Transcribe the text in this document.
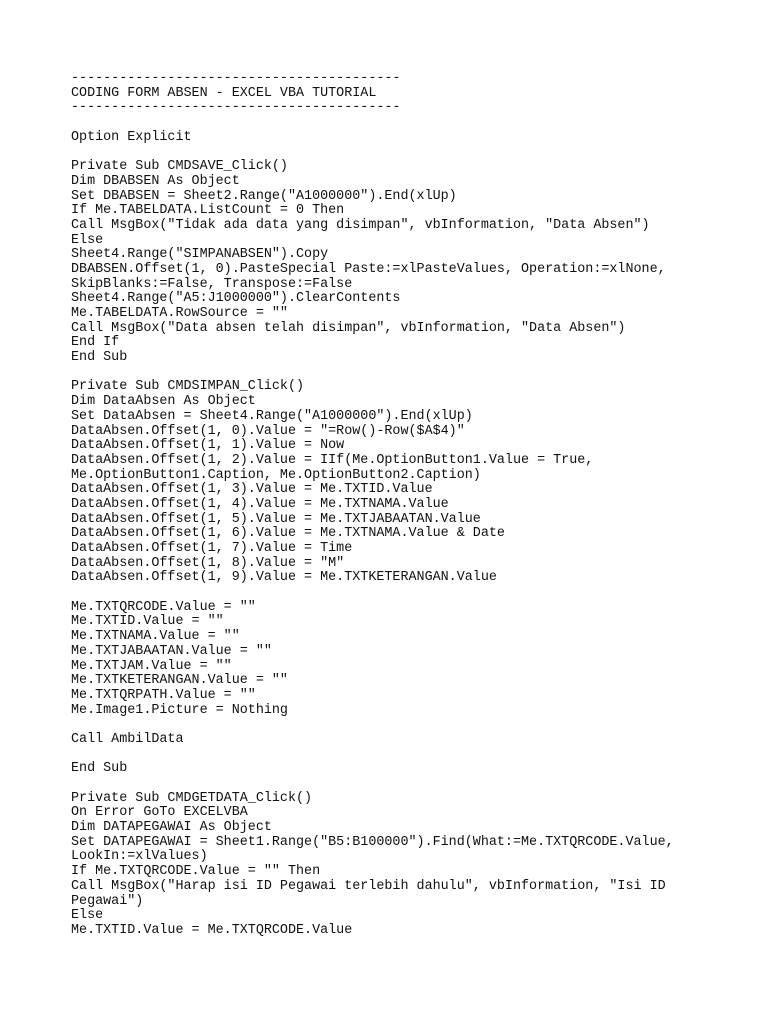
-----------------------------------------
CODING FORM ABSEN - EXCEL VBA TUTORIAL
-----------------------------------------
Option Explicit
Private Sub CMDSAVE_Click()
Dim DBABSEN As Object
Set DBABSEN = Sheet2.Range("A1000000").End(xlUp)
If Me.TABELDATA.ListCount = 0 Then
Call MsgBox("Tidak ada data yang disimpan", vbInformation, "Data Absen")
Else
Sheet4.Range("SIMPANABSEN").Copy
DBABSEN.Offset(1, 0).PasteSpecial Paste:=xlPasteValues, Operation:=xlNone,
SkipBlanks:=False, Transpose:=False
Sheet4.Range("A5:J1000000").ClearContents
Me.TABELDATA.RowSource = ""
Call MsgBox("Data absen telah disimpan", vbInformation, "Data Absen")
End If
End Sub
Private Sub CMDSIMPAN_Click()
Dim DataAbsen As Object
Set DataAbsen = Sheet4.Range("A1000000").End(xlUp)
DataAbsen.Offset(1, 0).Value = "=Row()-Row($A$4)"
DataAbsen.Offset(1, 1).Value = Now
DataAbsen.Offset(1, 2).Value = IIf(Me.OptionButton1.Value = True,
Me.OptionButton1.Caption, Me.OptionButton2.Caption)
DataAbsen.Offset(1, 3).Value = Me.TXTID.Value
DataAbsen.Offset(1, 4).Value = Me.TXTNAMA.Value
DataAbsen.Offset(1, 5).Value = Me.TXTJABAATAN.Value
DataAbsen.Offset(1, 6).Value = Me.TXTNAMA.Value & Date
DataAbsen.Offset(1, 7).Value = Time
DataAbsen.Offset(1, 8).Value = "M"
DataAbsen.Offset(1, 9).Value = Me.TXTKETERANGAN.Value
Me.TXTQRCODE.Value = ""
Me.TXTID.Value = ""
Me.TXTNAMA.Value = ""
Me.TXTJABAATAN.Value = ""
Me.TXTJAM.Value = ""
Me.TXTKETERANGAN.Value = ""
Me.TXTQRPATH.Value = ""
Me.Image1.Picture = Nothing
Call AmbilData
End Sub
Private Sub CMDGETDATA_Click()
On Error GoTo EXCELVBA
Dim DATAPEGAWAI As Object
Set DATAPEGAWAI = Sheet1.Range("B5:B100000").Find(What:=Me.TXTQRCODE.Value,
LookIn:=xlValues)
If Me.TXTQRCODE.Value = "" Then
Call MsgBox("Harap isi ID Pegawai terlebih dahulu", vbInformation, "Isi ID
Pegawai")
Else
Me.TXTID.Value = Me.TXTQRCODE.Value
